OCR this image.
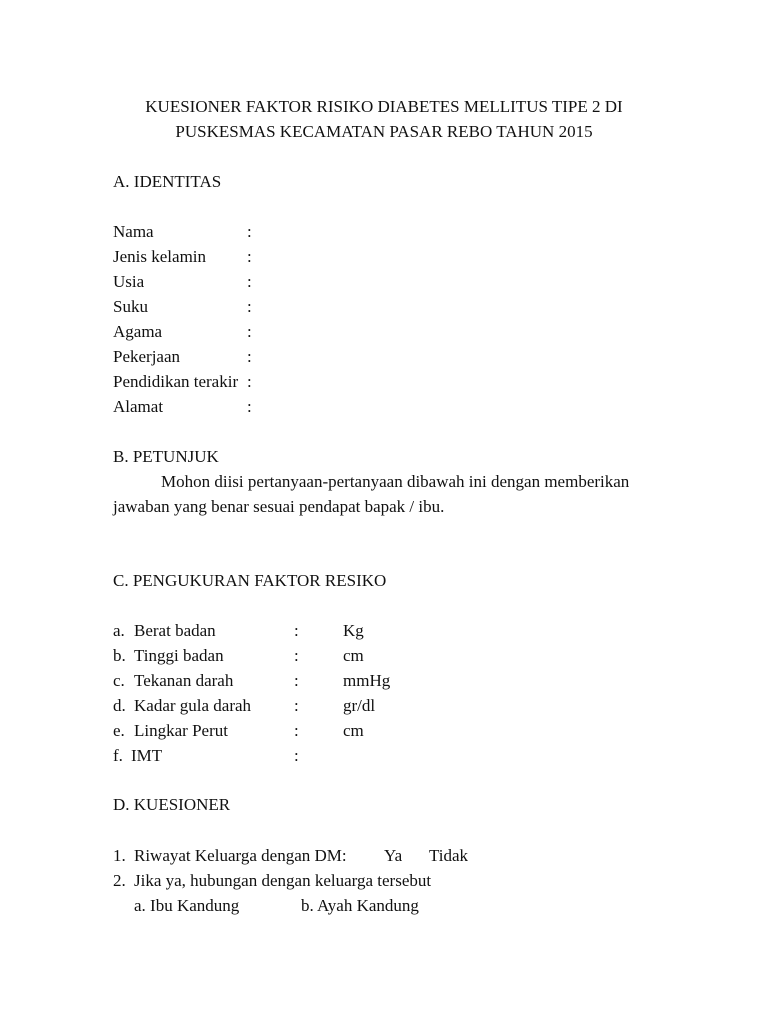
KUESIONER FAKTOR RISIKO DIABETES MELLITUS TIPE 2 DI
PUSKESMAS KECAMATAN PASAR REBO TAHUN 2015
A. IDENTITAS
Nama	:
Jenis kelamin :
Usia	:
Suku	:
Agama	:
Pekerjaan	:
Pendidikan terakir :
Alamat	:
B. PETUNJUK
Mohon diisi pertanyaan-pertanyaan dibawah ini dengan memberikan
jawaban yang benar sesuai pendapat bapak / ibu.
C. PENGUKURAN FAKTOR RESIKO
a. Berat badan	:	Kg
b. Tinggi badan	:	cm
c. Tekanan darah	:	mmHg
d. Kadar gula darah	:	gr/dl
e. Lingkar Perut	:	cm
f. IMT	:
D. KUESIONER
1. Riwayat Keluarga dengan DM: Ya Tidak
2. Jika ya, hubungan dengan keluarga tersebut
a. Ibu Kandung	b. Ayah Kandung
